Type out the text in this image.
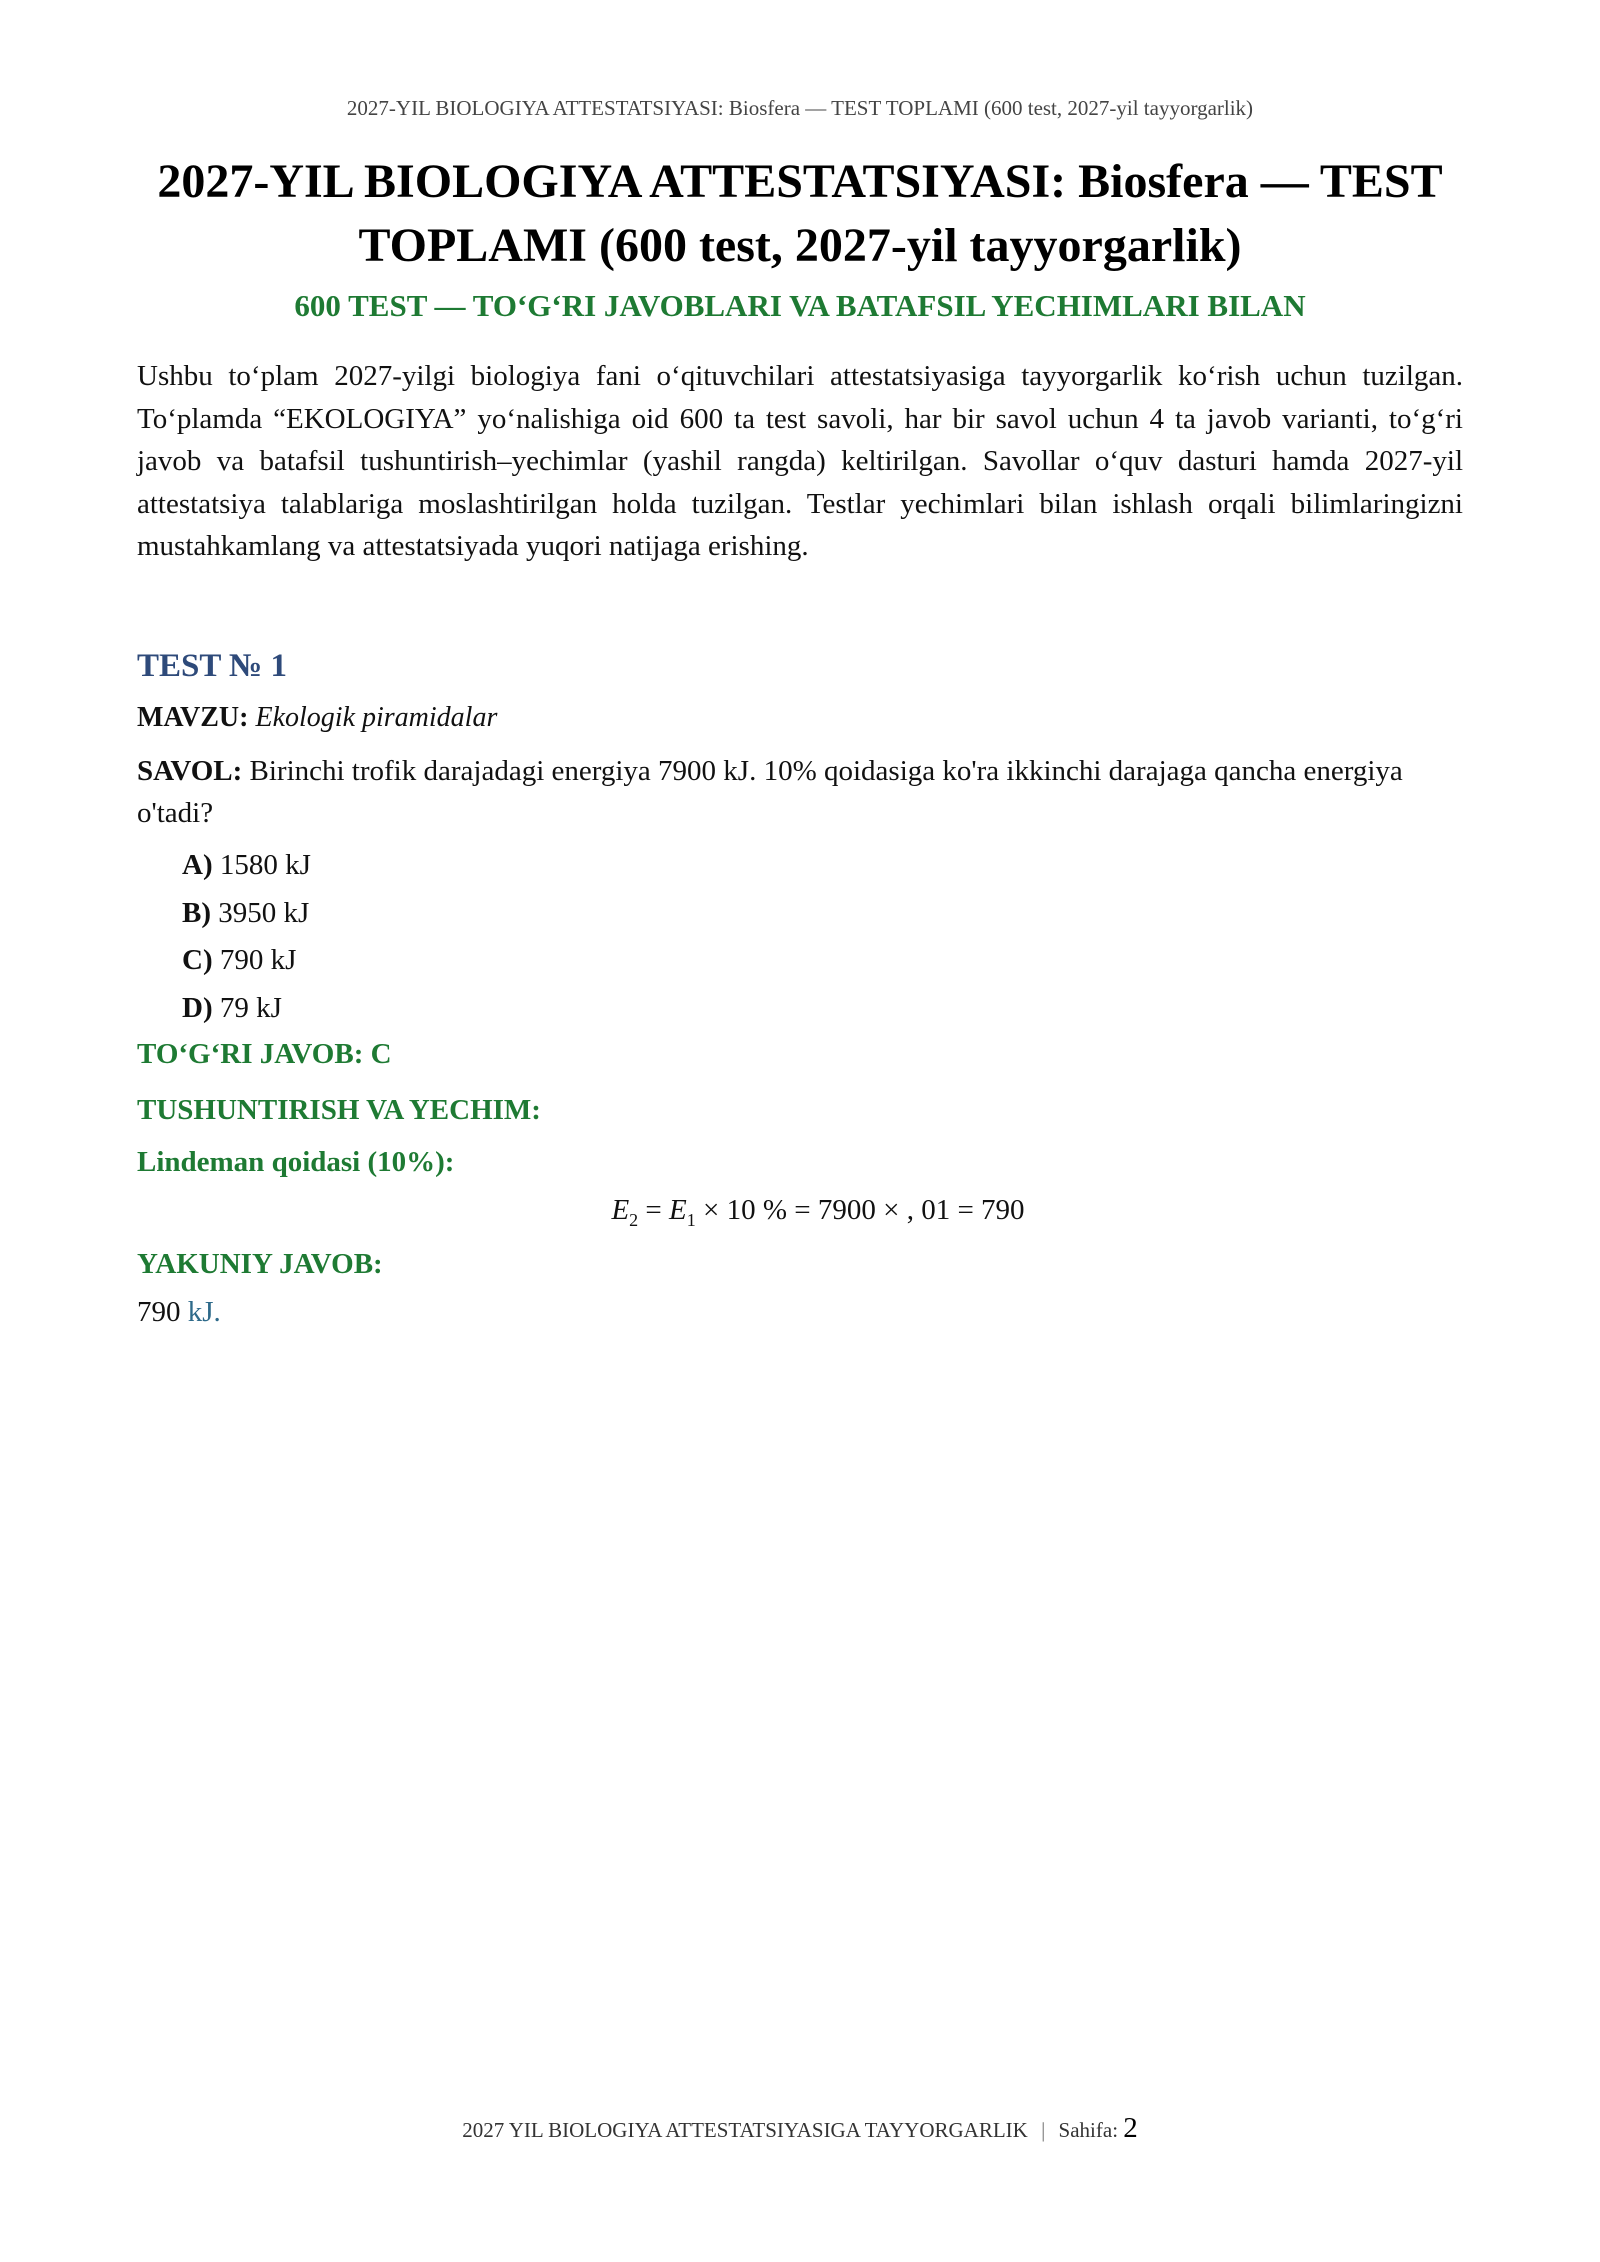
2027-YIL BIOLOGIYA ATTESTATSIYASI: Biosfera — TEST TOPLAMI (600 test, 2027-yil tayyorgarlik)
2027-YIL BIOLOGIYA ATTESTATSIYASI: Biosfera — TEST
TOPLAMI (600 test, 2027-yil tayyorgarlik)
600 TEST — TO‘G‘RI JAVOBLARI VA BATAFSIL YECHIMLARI BILAN

Ushbu to‘plam 2027-yilgi biologiya fani o‘qituvchilari attestatsiyasiga tayyorgarlik ko‘rish uchun tuzilgan. To‘plamda “EKOLOGIYA” yo‘nalishiga oid 600 ta test savoli, har bir savol uchun 4 ta javob varianti, to‘g‘ri javob va batafsil tushuntirish–yechimlar (yashil rangda) keltirilgan. Savollar o‘quv dasturi hamda 2027-yil attestatsiya talablariga moslashtirilgan holda tuzilgan. Testlar yechimlari bilan ishlash orqali bilimlaringizni mustahkamlang va attestatsiyada yuqori natijaga erishing.

TEST № 1

MAVZU: Ekologik piramidalar

SAVOL: Birinchi trofik darajadagi energiya 7900 kJ. 10% qoidasiga ko'ra ikkinchi darajaga qancha energiya o'tadi?

A) 1580 kJ
B) 3950 kJ
C) 790 kJ
D) 79 kJ

TO‘G‘RI JAVOB: C

TUSHUNTIRISH VA YECHIM:

Lindeman qoidasi (10%):

$E_2 = E_1 \times 10$ % = 7900 × , 01 = 790

YAKUNIY JAVOB:

790 kJ.

2027 YIL BIOLOGIYA ATTESTATSIYASIGA TAYYORGARLIK | Sahifa: 2
